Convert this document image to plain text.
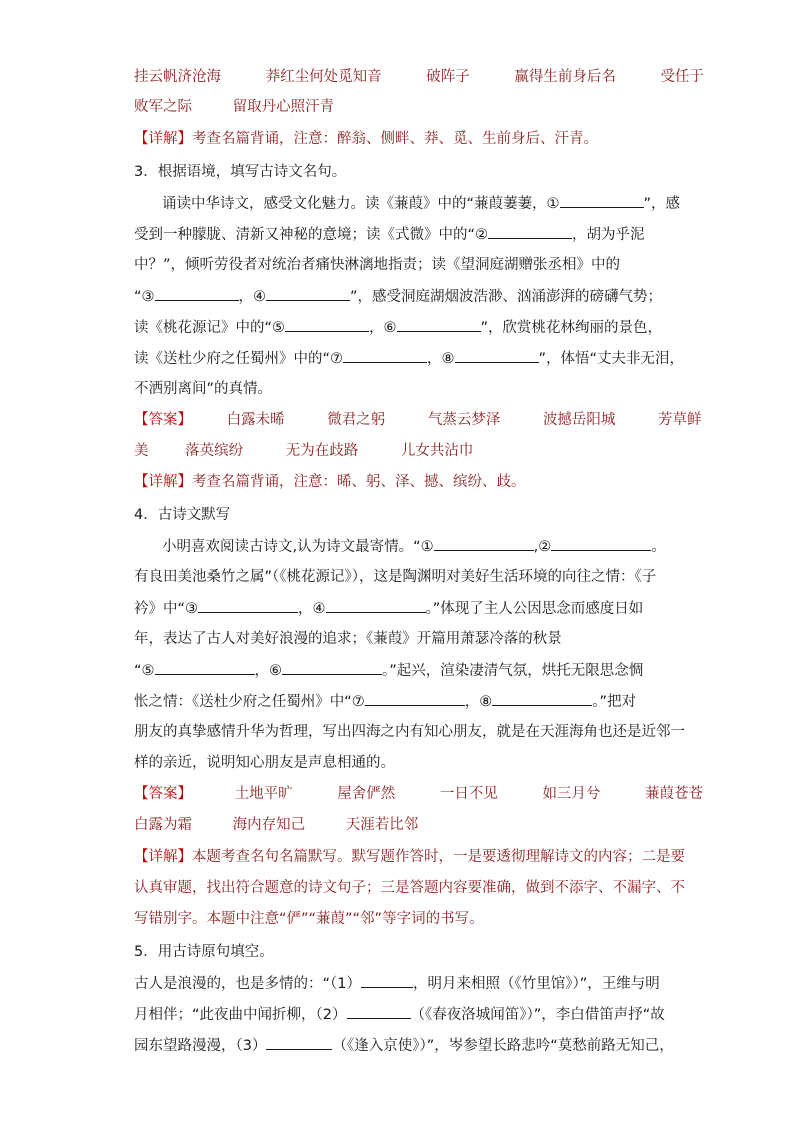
挂云帆济沧海	莽红尘何处觅知音	破阵子	赢得生前身后名	受任于
败军之际	留取丹心照汗青
【详解】考查名篇背诵，注意：醉翁、侧畔、莽、觅、生前身后、汗青。
3．根据语境，填写古诗文名句。
诵读中华诗文，感受文化魅力。读《蒹葭》中的“蒹葭萋萋，①	”，感
受到一种朦胧、清新又神秘的意境；读《式微》中的“②	，胡为乎泥
中？”，倾听劳役者对统治者痛快淋漓地指责；读《望洞庭湖赠张丞相》中的
“③	，④	”，感受洞庭湖烟波浩渺、汹涌澎湃的磅礴气势；
读《桃花源记》中的“⑤	，⑥	”，欣赏桃花林绚丽的景色，
读《送杜少府之任蜀州》中的“⑦	，⑧	”，体悟“丈夫非无泪，
不洒别离间”的真情。
【答案】 白露未晞	微君之躬	气蒸云梦泽	波撼岳阳城	芳草鲜
美	落英缤纷	无为在歧路	儿女共沾巾
【详解】考查名篇背诵，注意：晞、躬、泽、撼、缤纷、歧。
4．古诗文默写
小明喜欢阅读古诗文,认为诗文最寄情。“①	,②	。
有良田美池桑竹之属”（《桃花源记》），这是陶渊明对美好生活环境的向往之情：《子
衿》中“③	，④	。”体现了主人公因思念而感度日如
年，表达了古人对美好浪漫的追求；《蒹葭》开篇用萧瑟冷落的秋景
“⑤	，⑥	。”起兴，渲染凄清气氛，烘托无限思念惆
怅之情：《送杜少府之任蜀州》中“⑦	，⑧	。”把对
朋友的真挚感情升华为哲理，写出四海之内有知心朋友，就是在天涯海角也还是近邻一
样的亲近，说明知心朋友是声息相通的。
【答案】	土地平旷	屋舍俨然	一日不见	如三月兮	蒹葭苍苍
白露为霜	海内存知己	天涯若比邻
【详解】本题考查名句名篇默写。默写题作答时，一是要透彻理解诗文的内容；二是要
认真审题，找出符合题意的诗文句子；三是答题内容要准确，做到不添字、不漏字、不
写错别字。本题中注意“俨”“蒹葭”“邻”等字词的书写。
5．用古诗原句填空。
古人是浪漫的，也是多情的：“（1）	，明月来相照（《竹里馆》）”，王维与明
月相伴；“此夜曲中闻折柳，（2）	（《春夜洛城闻笛》）”，李白借笛声抒“故
园东望路漫漫，（3）	（《逢入京使》）”，岑参望长路悲吟“莫愁前路无知己，
